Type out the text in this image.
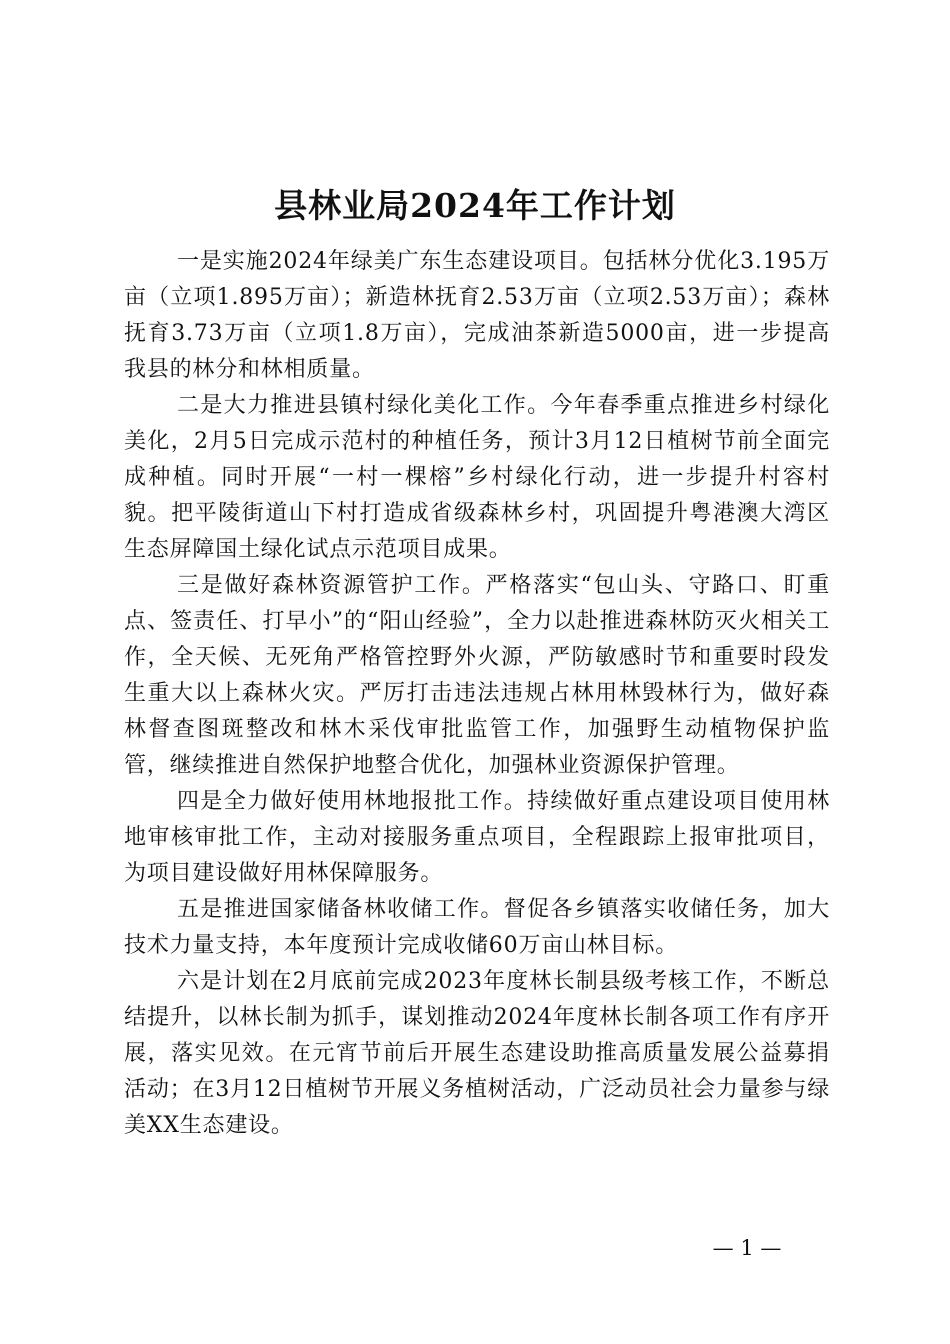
县林业局2024年工作计划

一是实施2024年绿美广东生态建设项目。包括林分优化3.195万亩（立项1.895万亩）；新造林抚育2.53万亩（立项2.53万亩）；森林抚育3.73万亩（立项1.8万亩），完成油茶新造5000亩，进一步提高我县的林分和林相质量。

二是大力推进县镇村绿化美化工作。今年春季重点推进乡村绿化美化，2月5日完成示范村的种植任务，预计3月12日植树节前全面完成种植。同时开展“一村一棵榕”乡村绿化行动，进一步提升村容村貌。把平陵街道山下村打造成省级森林乡村，巩固提升粤港澳大湾区生态屏障国土绿化试点示范项目成果。

三是做好森林资源管护工作。严格落实“包山头、守路口、盯重点、签责任、打早小”的“阳山经验”，全力以赴推进森林防灭火相关工作，全天候、无死角严格管控野外火源，严防敏感时节和重要时段发生重大以上森林火灾。严厉打击违法违规占林用林毁林行为，做好森林督查图斑整改和林木采伐审批监管工作，加强野生动植物保护监管，继续推进自然保护地整合优化，加强林业资源保护管理。

四是全力做好使用林地报批工作。持续做好重点建设项目使用林地审核审批工作，主动对接服务重点项目，全程跟踪上报审批项目，为项目建设做好用林保障服务。

五是推进国家储备林收储工作。督促各乡镇落实收储任务，加大技术力量支持，本年度预计完成收储60万亩山林目标。

六是计划在2月底前完成2023年度林长制县级考核工作，不断总结提升，以林长制为抓手，谋划推动2024年度林长制各项工作有序开展，落实见效。在元宵节前后开展生态建设助推高质量发展公益募捐活动；在3月12日植树节开展义务植树活动，广泛动员社会力量参与绿美XX生态建设。

— 1 —
